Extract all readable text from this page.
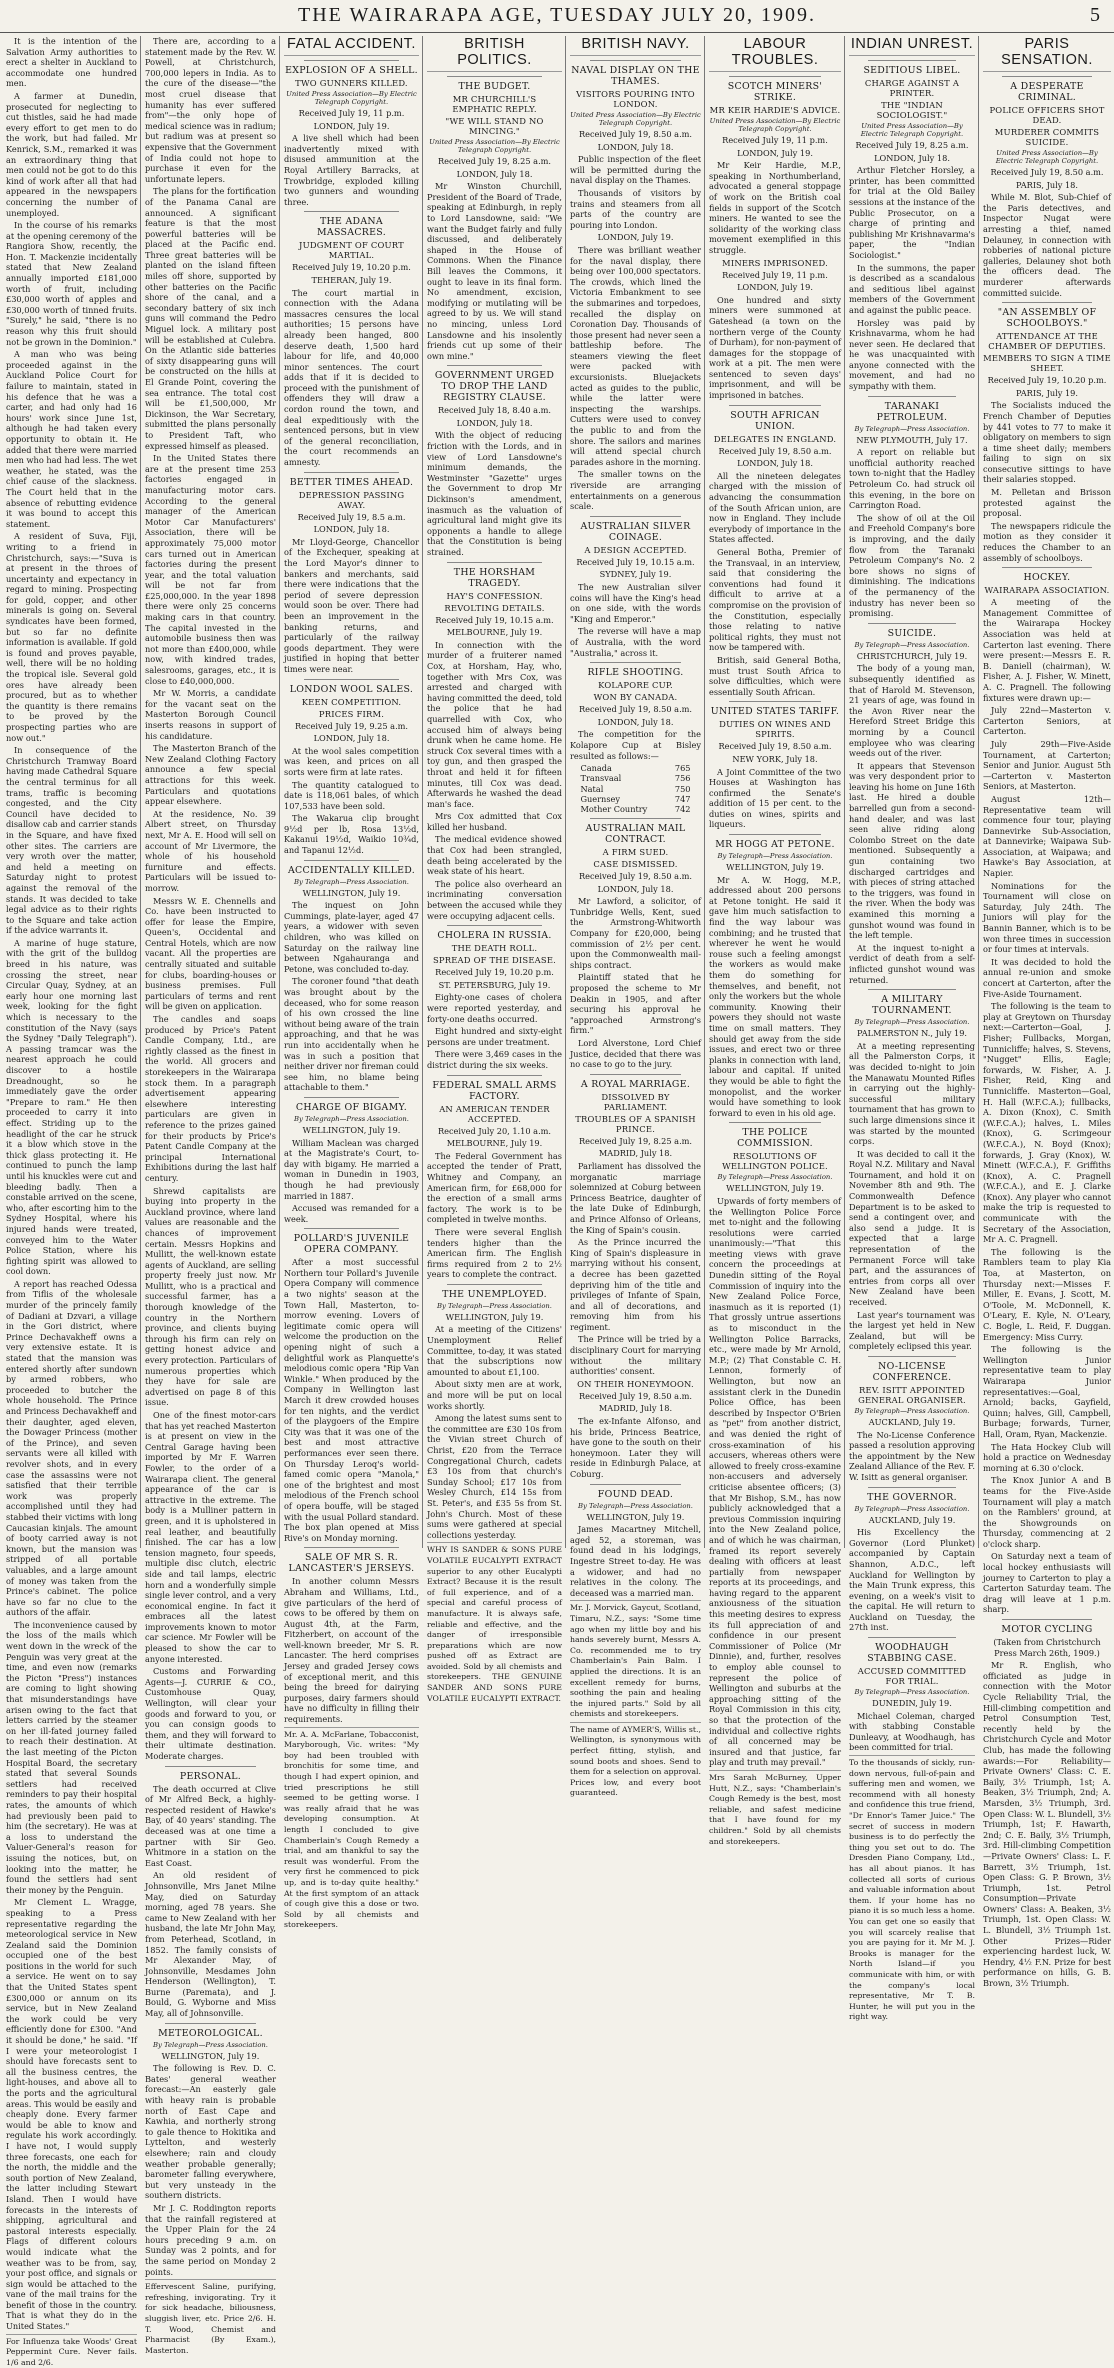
THE WAIRARAPA AGE, TUESDAY JULY 20, 1909.	5

It is the intention of the Salvation Army authorities to erect a shelter in Auckland to accommodate one hundred men.

A farmer at Dunedin, prosecuted for neglecting to cut thistles, said he had made every effort to get men to do the work, but had failed. Mr Kenrick, S.M., remarked it was an extraordinary thing that men could not be got to do this kind of work after all that had appeared in the newspapers concerning the number of unemployed.

In the course of his remarks at the opening ceremony of the Rangiora Show, recently, the Hon. T. Mackenzie incidentally stated that New Zealand annually imported £181,000 worth of fruit, including £30,000 worth of apples and £30,000 worth of tinned fruits. "Surely," he said, "there is no reason why this fruit should not be grown in the Dominion."

A man who was being proceeded against in the Auckland Police Court for failure to maintain, stated in his defence that he was a carter, and had only had 16 hours' work since June 1st, although he had taken every opportunity to obtain it. He added that there were married men who had had less. The wet weather, he stated, was the chief cause of the slackness. The Court held that in the absence of rebutting evidence it was bound to accept this statement.

A resident of Suva, Fiji, writing to a friend in Christchurch, says:—"Suva is at present in the throes of uncertainty and expectancy in regard to mining. Prospecting for gold, copper, and other minerals is going on. Several syndicates have been formed, but so far no definite information is available. If gold is found and proves payable, well, there will be no holding the tropical isle. Several gold ores have already been procured, but as to whether the quantity is there remains to be proved by the prospecting parties who are now out."

In consequence of the Christchurch Tramway Board having made Cathedral Square the central terminus for all trams, traffic is becoming congested, and the City Council have decided to disallow cab and carrier stands in the Square, and have fixed other sites. The carriers are very wroth over the matter, and held a meeting on Saturday night to protest against the removal of the stands. It was decided to take legal advice as to their rights to the Square and take action if the advice warrants it.

A marine of huge stature, with the grit of the bulldog breed in his nature, was crossing the street, near Circular Quay, Sydney, at an early hour one morning last week, looking for the fight which is necessary to the constitution of the Navy (says the Sydney "Daily Telegraph"). A passing tramcar was the nearest approach he could discover to a hostile Dreadnought, so he immediately gave the order "Prepare to ram." He then proceeded to carry it into effect. Striding up to the headlight of the car he struck it a blow which stove in the thick glass protecting it. He continued to punch the lamp until his knuckles were cut and bleeding badly. Then a constable arrived on the scene, who, after escorting him to the Sydney Hospital, where his injured hands were treated, conveyed him to the Water Police Station, where his fighting spirit was allowed to cool down.

A report has reached Odessa from Tiflis of the wholesale murder of the princely family of Dadiani at Dzvari, a village in the Gori district, where Prince Dechavakheff owns a very extensive estate. It is stated that the mansion was entered shortly after sundown by armed robbers, who proceeded to butcher the whole household. The Prince and Princess Dechavakheff and their daughter, aged eleven, the Dowager Princess (mother of the Prince), and seven servants were all killed with revolver shots, and in every case the assassins were not satisfied that their terrible work was properly accomplished until they had stabbed their victims with long Caucasian kinjals. The amount of booty carried away is not known, but the mansion was stripped of all portable valuables, and a large amount of money was taken from the Prince's cabinet. The police have so far no clue to the authors of the affair.

The inconvenience caused by the loss of the mails which went down in the wreck of the Penguin was very great at the time, and even now (remarks the Picton "Press") instances are coming to light showing that misunderstandings have arisen owing to the fact that letters carried by the steamer on her ill-fated journey failed to reach their destination. At the last meeting of the Picton Hospital Board, the secretary stated that several Sounds settlers had received reminders to pay their hospital rates, the amounts of which had previously been paid to him (the secretary). He was at a loss to understand the Valuer-General's reason for issuing the notices, but, on looking into the matter, he found the settlers had sent their money by the Penguin.

Mr Clement L. Wragge, speaking to a Press representative regarding the meteorological service in New Zealand said the Dominion occupied one of the best positions in the world for such a service. He went on to say that the United States spent £300,000 or annum on its service, but in New Zealand the work could be very efficiently done for £300. "And it should be done," he said. "If I were your meteorologist I should have forecasts sent to all the business centres, the light-houses, and above all to the ports and the agricultural areas. This would be easily and cheaply done. Every farmer would be able to know and regulate his work accordingly. I have not, I would supply three forecasts, one each for the north, the middle and the south portion of New Zealand, the latter including Stewart Island. Then I would have forecasts in the interests of shipping, agricultural and pastoral interests especially. Flags of different colours would indicate what the weather was to be from, say, your post office, and signals or sign would be attached to the vane of the mail trains for the benefit of those in the country. That is what they do in the United States."

For Influenza take Woods' Great Peppermint Cure. Never fails. 1/6 and 2/6.

There are, according to a statement made by the Rev. W. Powell, at Christchurch, 700,000 lepers in India. As to the cure of the disease—"the most cruel disease that humanity has ever suffered from"—the only hope of medical science was in radium; but radium was at present so expensive that the Government of India could not hope to purchase it even for the unfortunate lepers.

The plans for the fortification of the Panama Canal are announced. A significant feature is that the most powerful batteries will be placed at the Pacific end. Three great batteries will be planted on the island fifteen miles off shore, supported by other batteries on the Pacific shore of the canal, and a secondary battery of six inch guns will command the Pedro Miguel lock. A military post will be established at Culebra. On the Atlantic side batteries of sixty disappearing guns will be constructed on the hills at El Grande Point, covering the sea entrance. The total cost will be £1,500,000, Mr Dickinson, the War Secretary, submitted the plans personally to President Taft, who expressed himself as pleased.

In the United States there are at the present time 253 factories engaged in manufacturing motor cars. According to the general manager of the American Motor Car Manufacturers' Association, there will be approximately 75,000 motor cars turned out in American factories during the present year, and the total valuation will be not far from £25,000,000. In the year 1898 there were only 25 concerns making cars in that country. The capital invested in the automobile business then was not more than £400,000, while now, with kindred trades, salesrooms, garages, etc., it is close to £40,000,000.

Mr W. Morris, a candidate for the vacant seat on the Masterton Borough Council inserts reasons in support of his candidature.

The Masterton Branch of the New Zealand Clothing Factory announce a few special attractions for this week. Particulars and quotations appear elsewhere.

At the residence, No. 39 Albert street, on Thursday next, Mr A. E. Hood will sell on account of Mr Livermore, the whole of his household furniture and effects. Particulars will be issued to-morrow.

Messrs W. E. Chennells and Co. have been instructed to offer for lease the Empire, Queen's, Occidental and Central Hotels, which are now vacant. All the properties are centrally situated and suitable for clubs, boarding-houses or business premises. Full particulars of terms and rent will be given on application.

The candles and soaps produced by Price's Patent Candle Company, Ltd., are rightly classed as the finest in the world. All grocers and storekeepers in the Wairarapa stock them. In a paragraph advertisement appearing elsewhere interesting particulars are given in reference to the prizes gained for their products by Price's Patent Candle Company at the principal International Exhibitions during the last half century.

Shrewd capitalists are buying into property in the Auckland province, where land values are reasonable and the chances of improvement certain. Messrs Hopkins and Mullitt, the well-known estate agents of Auckland, are selling property freely just now. Mr Mullitt, who is a practical and successful farmer, has a thorough knowledge of the country in the Northern province, and clients buying through his firm can rely on getting honest advice and every protection. Particulars of numerous properties which they have for sale are advertised on page 8 of this issue.

One of the finest motor-cars that has yet reached Masterton is at present on view in the Central Garage having been imported by Mr F. Warren Fowler, to the order of a Wairarapa client. The general appearance of the car is attractive in the extreme. The body is a Mulliner pattern in green, and it is upholstered in real leather, and beautifully finished. The car has a low tension magneto, four speeds, multiple disc clutch, electric side and tail lamps, electric horn and a wonderfully simple single lever control, and a very economical engine. In fact it embraces all the latest improvements known to motor car science. Mr Fowler will be pleased to show the car to anyone interested.

Customs and Forwarding Agents—J. CURRIE & CO., Customhouse Quay, Wellington, will clear your goods and forward to you, or you can consign goods to them, and they will forward to their ultimate destination. Moderate charges.

PERSONAL.

The death occurred at Clive of Mr Alfred Beck, a highly-respected resident of Hawke's Bay, of 40 years' standing. The deceased was at one time a partner with Sir Geo. Whitmore in a station on the East Coast.

An old resident of Johnsonville, Mrs Janet Milne May, died on Saturday morning, aged 78 years. She came to New Zealand with her husband, the late Mr John May, from Peterhead, Scotland, in 1852. The family consists of Mr Alexander May, of Johnsonville, Mesdames John Henderson (Wellington), T. Burne (Paremata), and J. Bould, G. Wyborne and Miss May, all of Johnsonville.

METEOROLOGICAL.

By Telegraph—Press Association.

WELLINGTON, July 19.

The following is Rev. D. C. Bates' general weather forecast:—An easterly gale with heavy rain is probable north of East Cape and Kawhia, and northerly strong to gale thence to Hokitika and Lyttelton, and westerly elsewhere; rain and cloudy weather probable generally; barometer falling everywhere, but very unsteady in the southern districts.

Mr J. C. Roddington reports that the rainfall registered at the Upper Plain for the 24 hours preceding 9 a.m. on Sunday was 2 points, and for the same period on Monday 2 points.

Effervescent Saline, purifying, refreshing, invigorating. Try it for sick headache, biliousness, sluggish liver, etc. Price 2/6. H. T. Wood, Chemist and Pharmacist (By Exam.), Masterton.

FATAL ACCIDENT.
EXPLOSION OF A SHELL.
TWO GUNNERS KILLED.

United Press Association—By Electric Telegraph Copyright.

Received July 19, 11 p.m.

LONDON, July 19.

A live shell which had been inadvertently mixed with disused ammunition at the Royal Artillery Barracks, at Trowbridge, exploded killing two gunners and wounding three.

THE ADANA MASSACRES.
JUDGMENT OF COURT MARTIAL.

Received July 19, 10.20 p.m.

TEHERAN, July 19.

The court martial in connection with the Adana massacres censures the local authorities; 15 persons have already been hanged, 800 deserve death, 1,500 hard labour for life, and 40,000 minor sentences. The court adds that if it is decided to proceed with the punishment of offenders they will draw a cordon round the town, and deal expeditiously with the sentenced persons, but in view of the general reconciliation, the court recommends an amnesty.

BETTER TIMES AHEAD.
DEPRESSION PASSING AWAY.

Received July 19, 8.5 a.m.

LONDON, July 18.

Mr Lloyd-George, Chancellor of the Exchequer, speaking at the Lord Mayor's dinner to bankers and merchants, said there were indications that the period of severe depression would soon be over. There had been an improvement in the banking returns, and particularly of the railway goods department. They were justified in hoping that better times were near.

LONDON WOOL SALES.
KEEN COMPETITION.
PRICES FIRM.

Received July 19, 9.25 a.m.

LONDON, July 18.

At the wool sales competition was keen, and prices on all sorts were firm at late rates.

The quantity catalogued to date is 118,061 bales, of which 107,533 have been sold.

The Wakarua clip brought 9½d per lb, Rosa 13½d, Kakanui 19½d, Waikio 10¾d, and Tapanui 12½d.

ACCIDENTALLY KILLED.

By Telegraph—Press Association.

WELLINGTON, July 19.

The inquest on John Cummings, plate-layer, aged 47 years, a widower with seven children, who was killed on Saturday on the railway line between Ngahauranga and Petone, was concluded to-day.

The coroner found "that death was brought about by the deceased, who for some reason of his own crossed the line without being aware of the train approaching, and that he was run into accidentally when he was in such a position that neither driver nor fireman could see him, no blame being attachable to them."

CHARGE OF BIGAMY.

By Telegraph—Press Association.

WELLINGTON, July 19.

William Maclean was charged at the Magistrate's Court, to-day with bigamy. He married a woman in Dunedin in 1903, though he had previously married in 1887.

Accused was remanded for a week.

POLLARD'S JUVENILE OPERA COMPANY.

After a most successful Northern tour Pollard's Juvenile Opera Company will commence a two nights' season at the Town Hall, Masterton, to-morrow evening. Lovers of legitimate comic opera will welcome the production on the opening night of such a delightful work as Planquette's melodious comic opera "Rip Van Winkle." When produced by the Company in Wellington last March it drew crowded houses for ten nights, and the verdict of the playgoers of the Empire City was that it was one of the best and most attractive performances ever seen there. On Thursday Leroq's world-famed comic opera "Manola," one of the brightest and most melodious of the French school of opera bouffe, will be staged with the usual Pollard standard. The box plan opened at Miss Rive's on Monday morning.

SALE OF MR S. R. LANCASTER'S JERSEYS.

In another column Messrs Abraham and Williams, Ltd., give particulars of the herd of cows to be offered by them on August 4th, at the Farm, Fitzherbert, on account of the well-known breeder, Mr S. R. Lancaster. The herd comprises Jersey and graded Jersey cows of exceptional merit, and this being the breed for dairying purposes, dairy farmers should have no difficulty in filling their requirements.

Mr. A. A. McFarlane, Tobacconist, Maryborough, Vic. writes: "My boy had been troubled with bronchitis for some time, and though I had expert opinion, and tried prescriptions he still seemed to be getting worse. I was really afraid that he was developing consumption. At length I concluded to give Chamberlain's Cough Remedy a trial, and am thankful to say the result was wonderful. From the very first he commenced to pick up, and is to-day quite healthy." At the first symptom of an attack of cough give this a dose or two. Sold by all chemists and storekeepers.

BRITISH POLITICS.
THE BUDGET.
MR CHURCHILL'S EMPHATIC REPLY.
"WE WILL STAND NO MINCING."

United Press Association—By Electric Telegraph Copyright.

Received July 19, 8.25 a.m.

LONDON, July 18.

Mr Winston Churchill, President of the Board of Trade, speaking at Edinburgh, in reply to Lord Lansdowne, said: "We want the Budget fairly and fully discussed, and deliberately shaped in the House of Commons. When the Finance Bill leaves the Commons, it ought to leave in its final form. No amendment, excision, modifying or mutilating will be agreed to by us. We will stand no mincing, unless Lord Lansdowne and his insolently friends cut up some of their own mine."

GOVERNMENT URGED TO DROP THE LAND REGISTRY CLAUSE.

Received July 18, 8.40 a.m.

LONDON, July 18.

With the object of reducing friction with the Lords, and in view of Lord Lansdowne's minimum demands, the Westminster "Gazette" urges the Government to drop Mr Dickinson's amendment, inasmuch as the valuation of agricultural land might give its opponents a handle to allege that the Constitution is being strained.

THE HORSHAM TRAGEDY.
HAY'S CONFESSION.
REVOLTING DETAILS.

Received July 19, 10.15 a.m.

MELBOURNE, July 19.

In connection with the murder of a fruiterer named Cox, at Horsham, Hay, who, together with Mrs Cox, was arrested and charged with having committed the deed, told the police that he had quarrelled with Cox, who accused him of always being drunk when he came home. He struck Cox several times with a toy gun, and then grasped the throat and held it for fifteen minutes, till Cox was dead. Afterwards he washed the dead man's face.

Mrs Cox admitted that Cox killed her husband.

The medical evidence showed that Cox had been strangled, death being accelerated by the weak state of his heart.

The police also overheard an incriminating conversation between the accused while they were occupying adjacent cells.

CHOLERA IN RUSSIA.
THE DEATH ROLL.
SPREAD OF THE DISEASE.

Received July 19, 10.20 p.m.

ST. PETERSBURG, July 19.

Eighty-one cases of cholera were reported yesterday, and forty-one deaths occurred.

Eight hundred and sixty-eight persons are under treatment.

There were 3,469 cases in the district during the six weeks.

FEDERAL SMALL ARMS FACTORY.
AN AMERICAN TENDER ACCEPTED.

Received July 20, 1.10 a.m.

MELBOURNE, July 19.

The Federal Government has accepted the tender of Pratt, Whitney and Company, an American firm, for £68,000 for the erection of a small arms factory. The work is to be completed in twelve months.

There were several English tenders higher than the American firm. The English firms required from 2 to 2½ years to complete the contract.

THE UNEMPLOYED.

By Telegraph—Press Association.

WELLINGTON, July 19.

At a meeting of the Citizens' Unemployment Relief Committee, to-day, it was stated that the subscriptions now amounted to about £1,100.

About sixty men are at work, and more will be put on local works shortly.

Among the latest sums sent to the committee are £30 10s from the Vivian street Church of Christ, £20 from the Terrace Congregational Church, cadets £3 10s from that church's Sunday School; £17 10s from Wesley Church, £14 15s from St. Peter's, and £35 5s from St. John's Church. Most of these sums were gathered at special collections yesterday.

WHY IS SANDER & SONS PURE VOLATILE EUCALYPTI EXTRACT superior to any other Eucalypti Extract? Because it is the result of full experience, and of a special and careful process of manufacture. It is always safe, reliable and effective, and the danger of irresponsible preparations which are now pushed off as Extract are avoided. Sold by all chemists and storekeepers. THE GENUINE SANDER AND SONS PURE VOLATILE EUCALYPTI EXTRACT.

BRITISH NAVY.
NAVAL DISPLAY ON THE THAMES.
VISITORS POURING INTO LONDON.

United Press Association—By Electric Telegraph Copyright.

Received July 19, 8.50 a.m.

LONDON, July 18.

Public inspection of the fleet will be permitted during the naval display on the Thames.

Thousands of visitors by trains and steamers from all parts of the country are pouring into London.

LONDON, July 19.

There was brilliant weather for the naval display, there being over 100,000 spectators. The crowds, which lined the Victoria Embankment to see the submarines and torpedoes, recalled the display on Coronation Day. Thousands of those present had never seen a battleship before. The steamers viewing the fleet were packed with excursionists. Bluejackets acted as guides to the public, while the latter were inspecting the warships. Cutters were used to convey the public to and from the shore. The sailors and marines will attend special church parades ashore in the morning.

The smaller towns on the riverside are arranging entertainments on a generous scale.

AUSTRALIAN SILVER COINAGE.
A DESIGN ACCEPTED.

Received July 19, 10.15 a.m.

SYDNEY, July 19.

The new Australian silver coins will have the King's head on one side, with the words "King and Emperor."

The reverse will have a map of Australia, with the word "Australia," across it.

RIFLE SHOOTING.
KOLAPORE CUP.
WON BY CANADA.

Received July 19, 8.50 a.m.

LONDON, July 18.

The competition for the Kolapore Cup at Bisley resulted as follows:—

Canada	765
Transvaal	756
Natal	750
Guernsey	747
Mother Country	742
AUSTRALIAN MAIL CONTRACT.
A FIRM SUED.
CASE DISMISSED.

Received July 19, 8.50 a.m.

LONDON, July 18.

Mr Lawford, a solicitor, of Tunbridge Wells, Kent, sued the Armstrong-Whitworth Company for £20,000, being commission of 2½ per cent. upon the Commonwealth mail-ships contract.

Plaintiff stated that he proposed the scheme to Mr Deakin in 1905, and after securing his approval he "approached Armstrong's firm."

Lord Alverstone, Lord Chief Justice, decided that there was no case to go to the jury.

A ROYAL MARRIAGE.
DISSOLVED BY PARLIAMENT.
TROUBLES OF A SPANISH PRINCE.

Received July 19, 8.25 a.m.

MADRID, July 18.

Parliament has dissolved the morganatic marriage solemnized at Coburg between Princess Beatrice, daughter of the late Duke of Edinburgh, and Prince Alfonso of Orleans, the King of Spain's cousin.

As the Prince incurred the King of Spain's displeasure in marrying without his consent, a decree has been gazetted depriving him of the title and privileges of Infante of Spain, and all of decorations, and removing him from his regiment.

The Prince will be tried by a disciplinary Court for marrying without the military authorities' consent.

ON THEIR HONEYMOON.

Received July 19, 8.50 a.m.

MADRID, July 18.

The ex-Infante Alfonso, and his bride, Princess Beatrice, have gone to the south on their honeymoon. Later they will reside in Edinburgh Palace, at Coburg.

FOUND DEAD.

By Telegraph—Press Association.

WELLINGTON, July 19.

James Macartney Mitchell, aged 52, a storeman, was found dead in his lodgings, Ingestre Street to-day. He was a widower, and had no relatives in the colony. The deceased was a married man.

Mr. J. Morvick, Gaycut, Scotland, Timaru, N.Z., says: "Some time ago when my little boy and his hands severely burnt, Messrs A. Co. recommended me to try Chamberlain's Pain Balm. I applied the directions. It is an excellent remedy for burns, soothing the pain and healing the injured parts." Sold by all chemists and storekeepers.

The name of AYMER'S, Willis st., Wellington, is synonymous with perfect fitting, stylish, and sound boots and shoes. Send to them for a selection on approval. Prices low, and every boot guaranteed.

LABOUR TROUBLES.
SCOTCH MINERS' STRIKE.
MR KEIR HARDIE'S ADVICE.

United Press Association—By Electric Telegraph Copyright.

Received July 19, 11 p.m.

LONDON, July 19.

Mr Keir Hardie, M.P., speaking in Northumberland, advocated a general stoppage of work on the British coal fields in support of the Scotch miners. He wanted to see the solidarity of the working class movement exemplified in this struggle.

MINERS IMPRISONED.

Received July 19, 11 p.m.

LONDON, July 19.

One hundred and sixty miners were summoned at Gateshead (a town on the northern verge of the County of Durham), for non-payment of damages for the stoppage of work at a pit. The men were sentenced to seven days' imprisonment, and will be imprisoned in batches.

SOUTH AFRICAN UNION.
DELEGATES IN ENGLAND.

Received July 19, 8.50 a.m.

LONDON, July 18.

All the nineteen delegates charged with the mission of advancing the consummation of the South African union, are now in England. They include everybody of importance in the States affected.

General Botha, Premier of the Transvaal, in an interview, said that considering the conventions had found it difficult to arrive at a compromise on the provision of the Constitution, especially those relating to native political rights, they must not now be tampered with.

British, said General Botha, must trust South Africa to solve difficulties, which were essentially South African.

UNITED STATES TARIFF.
DUTIES ON WINES AND SPIRITS.

Received July 19, 8.50 a.m.

NEW YORK, July 18.

A Joint Committee of the two Houses at Washington has confirmed the Senate's addition of 15 per cent. to the duties on wines, spirits and liqueurs.

MR HOGG AT PETONE.

By Telegraph—Press Association.

WELLINGTON, July 19.

Mr A. W. Hogg, M.P., addressed about 200 persons at Petone tonight. He said it gave him much satisfaction to find the way labour was combining; and he trusted that wherever he went he would rouse such a feeling amongst the workers as would make them do something for themselves, and benefit, not only the workers but the whole community. Knowing their powers they should not waste time on small matters. They should get away from the side issues, and erect two or three planks in connection with land, labour and capital. If united they would be able to fight the monopolist, and the worker would have something to look forward to even in his old age.

THE POLICE COMMISSION.
RESOLUTIONS OF WELLINGTON POLICE.

By Telegraph—Press Association.

WELLINGTON, July 19.

Upwards of forty members of the Wellington Police Force met to-night and the following resolutions were carried unanimously:—"That this meeting views with grave concern the proceedings at Dunedin sitting of the Royal Commission of inquiry into the New Zealand Police Force, inasmuch as it is reported (1) That grossly untrue assertions as to misconduct in the Wellington Police Barracks, etc., were made by Mr Arnold, M.P.; (2) That Constable C. H. Lennon, formerly of Wellington, but now an assistant clerk in the Dunedin Police Office, has been described by Inspector O'Brien as "pet" from another district, and was denied the right of cross-examination of his accusers, whereas others were allowed to freely cross-examine non-accusers and adversely criticise absentee officers; (3) that Mr Bishop, S.M., has now publicly acknowledged that a previous Commission inquiring into the New Zealand police, and of which he was chairman, framed its report severely dealing with officers at least partially from newspaper reports at its proceedings, and having regard to the apparent anxiousness of the situation this meeting desires to express its full appreciation of and confidence in our present Commissioner of Police (Mr Dinnie), and, further, resolves to employ able counsel to represent the police of Wellington and suburbs at the approaching sitting of the Royal Commission in this city, so that the protection of the individual and collective rights of all concerned may be insured and that justice, far play and truth may prevail."

Mrs Sarah McBurney, Upper Hutt, N.Z., says: "Chamberlain's Cough Remedy is the best, most reliable, and safest medicine that I have found for my children." Sold by all chemists and storekeepers.

INDIAN UNREST.
SEDITIOUS LIBEL.
CHARGE AGAINST A PRINTER.
THE "INDIAN SOCIOLOGIST."

United Press Association—By Electric Telegraph Copyright.

Received July 19, 8.25 a.m.

LONDON, July 18.

Arthur Fletcher Horsley, a printer, has been committed for trial at the Old Bailey sessions at the instance of the Public Prosecutor, on a charge of printing and publishing Mr Krishnavarma's paper, the "Indian Sociologist."

In the summons, the paper is described as a scandalous and seditious libel against members of the Government and against the public peace.

Horsley was paid by Krishnavarma, whom he had never seen. He declared that he was unacquainted with anyone connected with the movement, and had no sympathy with them.

TARANAKI PETROLEUM.

By Telegraph—Press Association.

NEW PLYMOUTH, July 17.

A report on reliable but unofficial authority reached town to-night that the Hadley Petroleum Co. had struck oil this evening, in the bore on Carrington Road.

The show of oil at the Oil and Freehold Company's bore is improving, and the daily flow from the Taranaki Petroleum Company's No. 2 bore shows no signs of diminishing. The indications of the permanency of the industry has never been so promising.

SUICIDE.

By Telegraph—Press Association.

CHRISTCHURCH, July 19.

The body of a young man, subsequently identified as that of Harold M. Stevenson, 21 years of age, was found in the Avon River near the Hereford Street Bridge this morning by a Council employee who was clearing weeds out of the river.

It appears that Stevenson was very despondent prior to leaving his home on June 16th last. He hired a double barrelled gun from a second-hand dealer, and was last seen alive riding along Colombo Street on the date mentioned. Subsequently a gun containing two discharged cartridges and with pieces of string attached to the triggers, was found in the river. When the body was examined this morning a gunshot wound was found in the left temple.

At the inquest to-night a verdict of death from a self-inflicted gunshot wound was returned.

A MILITARY TOURNAMENT.

By Telegraph—Press Association.

PALMERSTON N., July 19.

At a meeting representing all the Palmerston Corps, it was decided to-night to join the Manawatu Mounted Rifles in carrying out the highly-successful military tournament that has grown to such large dimensions since it was started by the mounted corps.

It was decided to call it the Royal N.Z. Military and Naval Tournament, and hold it on November 8th and 9th. The Commonwealth Defence Department is to be asked to send a contingent over, and also send a judge. It is expected that a large representation of the Permanent Force will take part, and the assurances of entries from corps all over New Zealand have been received.

Last year's tournament was the largest yet held in New Zealand, but will be completely eclipsed this year.

NO-LICENSE CONFERENCE.
REV. ISITT APPOINTED GENERAL ORGANISER.

By Telegraph—Press Association.

AUCKLAND, July 19.

The No-License Conference passed a resolution approving the appointment by the New Zealand Alliance of the Rev. F. W. Isitt as general organiser.

THE GOVERNOR.

By Telegraph—Press Association.

AUCKLAND, July 19.

His Excellency the Governor (Lord Plunket) accompanied by Captain Shannon, A.D.C., left Auckland for Wellington by the Main Trunk express, this evening, on a week's visit to the capital. He will return to Auckland on Tuesday, the 27th inst.

WOODHAUGH STABBING CASE.
ACCUSED COMMITTED FOR TRIAL.

By Telegraph—Press Association.

DUNEDIN, July 19.

Michael Coleman, charged with stabbing Constable Dunleavy, at Woodhaugh, has been committed for trial.

To the thousands of sickly, run-down nervous, full-of-pain and suffering men and women, we recommend with all honesty and confidence this true friend, "Dr Ennor's Tamer Juice." The secret of success in modern business is to do perfectly the thing you set out to do. The Dresden Piano Company, Ltd., has all about pianos. It has collected all sorts of curious and valuable information about them. If your home has no piano it is so much less a home. You can get one so easily that you will scarcely realise that you are paying for it. Mr M. J. Brooks is manager for the North Island—if you communicate with him, or with the company's local representative, Mr T. B. Hunter, he will put you in the right way.

PARIS SENSATION.
A DESPERATE CRIMINAL.
POLICE OFFICERS SHOT DEAD.
MURDERER COMMITS SUICIDE.

United Press Association—By Electric Telegraph Copyright.

Received July 19, 8.50 a.m.

PARIS, July 18.

While M. Blot, Sub-Chief of the Paris detectives, and Inspector Nugat were arresting a thief, named Delauney, in connection with robberies of national picture galleries, Delauney shot both the officers dead. The murderer afterwards committed suicide.

"AN ASSEMBLY OF SCHOOLBOYS."
ATTENDANCE AT THE CHAMBER OF DEPUTIES.
MEMBERS TO SIGN A TIME SHEET.

Received July 19, 10.20 p.m.

PARIS, July 19.

The Socialists induced the French Chamber of Deputies by 441 votes to 77 to make it obligatory on members to sign a time sheet daily; members failing to sign on six consecutive sittings to have their salaries stopped.

M. Pelletan and Brisson protested against the proposal.

The newspapers ridicule the motion as they consider it reduces the Chamber to an assembly of schoolboys.

HOCKEY.
WAIRARAPA ASSOCIATION.

A meeting of the Management Committee of the Wairarapa Hockey Association was held at Carterton last evening. There were present:—Messrs E. R. B. Daniell (chairman), W. Fisher, A. J. Fisher, W. Minett, A. C. Pragnell. The following fixtures were drawn up:—

July 22nd—Masterton v. Carterton Seniors, at Carterton.

July 29th—Five-Aside Tournament, at Carterton; Senior and Junior. August 5th—Carterton v. Masterton Seniors, at Masterton.

August 12th—Representative team will commence four tour, playing Dannevirke Sub-Association, at Dannevirke; Waipawa Sub-Association, at Waipawa; and Hawke's Bay Association, at Napier.

Nominations for the Tournament will close on Saturday, July 24th. The Juniors will play for the Bannin Banner, which is to be won three times in succession or four times at intervals.

It was decided to hold the annual re-union and smoke concert at Carterton, after the Five-Aside Tournament.

The following is the team to play at Greytown on Thursday next:—Carterton—Goal, J. Fisher; Fullbacks, Morgan, Tunnicliffe; halves, S. Stevens, "Nugget" Ellis, Eagle; forwards, W. Fisher, A. J. Fisher, Reid, King and Tunnicliffe. Masterton—Goal, H. Hall (W.F.C.A.); fullbacks, A. Dixon (Knox), C. Smith (W.F.C.A.); halves, L. Miles (Knox), G. Scrimgeour (W.F.C.A.), N. Boyd (Knox); forwards, J. Gray (Knox), W. Minett (W.F.C.A.), F. Griffiths (Knox), A. C. Pragnell (W.F.C.A.), and E. J. Clarke (Knox). Any player who cannot make the trip is requested to communicate with the Secretary of the Association, Mr A. C. Pragnell.

The following is the Ramblers team to play Kia Toa, at Masterton, on Thursday next:—Misses F. Miller, E. Evans, J. Scott, M. O'Toole, M. McDonnell, K. O'Leary, E. Kyle, N. O'Leary, C. Bogle, L. Reid, F. Duggan. Emergency: Miss Curry.

The following is the Wellington Junior representative team to play Wairarapa Junior representatives:—Goal, Arnold; backs, Gayfield, Quinn; halves, Gill, Campbell, Burbage; forwards, Turner, Hall, Oram, Ryan, Mackenzie.

The Hata Hockey Club will hold a practice on Wednesday morning at 6.30 o'clock.

The Knox Junior A and B teams for the Five-Aside Tournament will play a match on the Ramblers' ground, at the Showgrounds on Thursday, commencing at 2 o'clock sharp.

On Saturday next a team of local hockey enthusiasts will journey to Carterton to play a Carterton Saturday team. The drag will leave at 1 p.m. sharp.

MOTOR CYCLING

(Taken from Christchurch Press March 26th, 1909.)

Mr R. English, who officiated as judge in connection with the Motor Cycle Reliability Trial, the Hill-climbing competition and Petrol Consumption Test, recently held by the Christchurch Cycle and Motor Club, has made the following awards:—For Reliability—Private Owners' Class: C. E. Baily, 3½ Triumph, 1st; A. Beaken, 3½ Triumph, 2nd; A. Marsden, 3½ Triumph, 3rd. Open Class: W. L. Blundell, 3½ Triumph, 1st; F. Hawarth, 2nd; C. E. Baily, 3½ Triumph, 3rd. Hill-climbing Competition—Private Owners' Class: L. F. Barrett, 3½ Triumph, 1st. Open Class: G. P. Brown, 3½ Triumph, 1st. Petrol Consumption—Private Owners' Class: A. Beaken, 3½ Triumph, 1st. Open Class: W. L. Blundell, 3½ Triumph 1st. Other Prizes—Rider experiencing hardest luck, W. Hendry, 4½ F.N. Prize for best performance on hills, G. B. Brown, 3½ Triumph.
